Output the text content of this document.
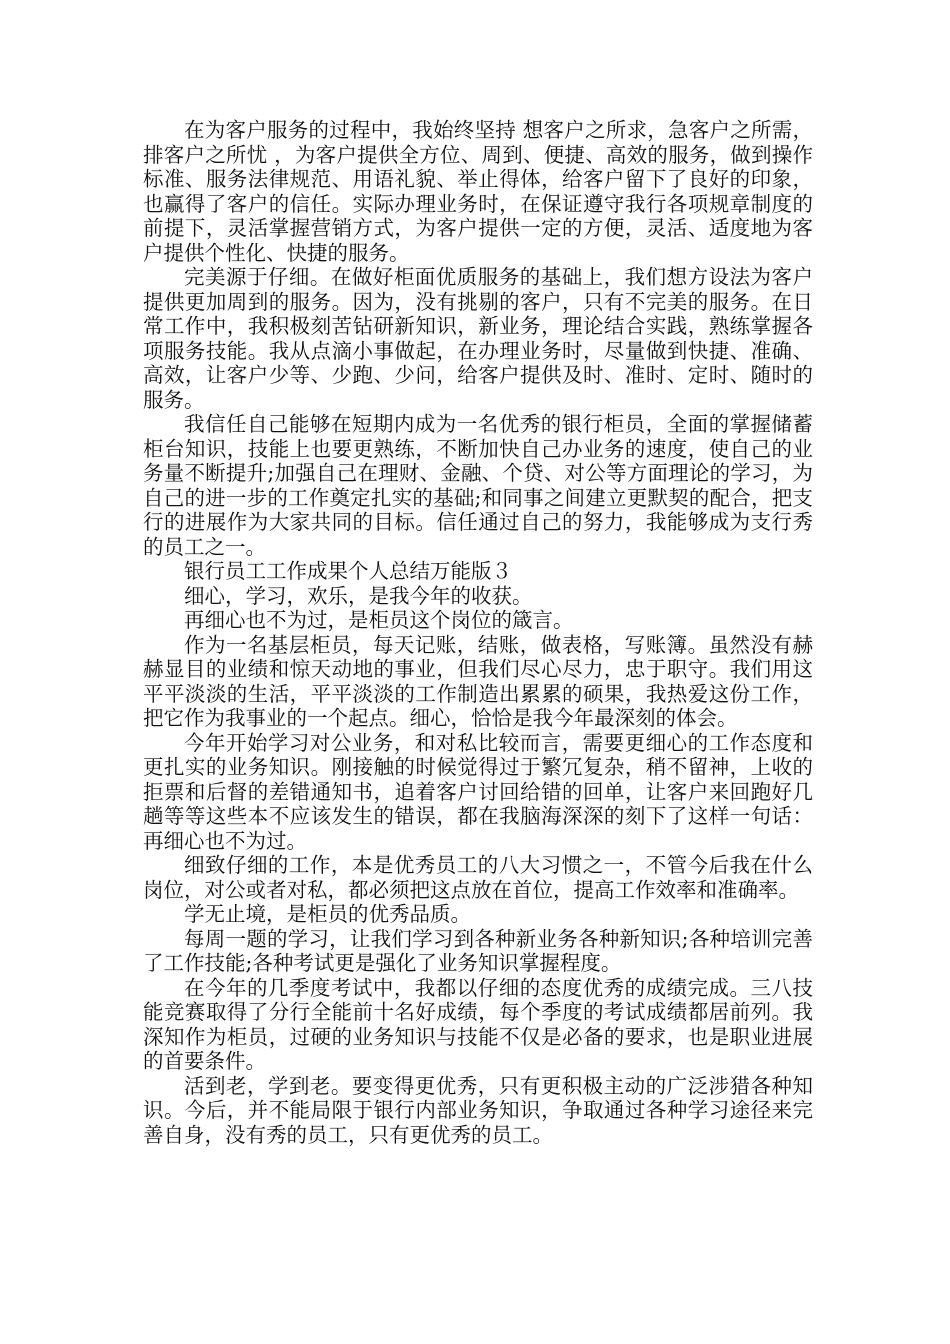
在为客户服务的过程中，我始终坚持 想客户之所求，急客户之所需，排客户之所忧 ，为客户提供全方位、周到、便捷、高效的服务，做到操作标准、服务法律规范、用语礼貌、举止得体，给客户留下了良好的印象，也赢得了客户的信任。实际办理业务时，在保证遵守我行各项规章制度的前提下，灵活掌握营销方式，为客户提供一定的方便，灵活、适度地为客户提供个性化、快捷的服务。

完美源于仔细。在做好柜面优质服务的基础上，我们想方设法为客户提供更加周到的服务。因为，没有挑剔的客户，只有不完美的服务。在日常工作中，我积极刻苦钻研新知识，新业务，理论结合实践，熟练掌握各项服务技能。我从点滴小事做起，在办理业务时，尽量做到快捷、准确、高效，让客户少等、少跑、少问，给客户提供及时、准时、定时、随时的服务。

我信任自己能够在短期内成为一名优秀的银行柜员，全面的掌握储蓄柜台知识，技能上也要更熟练，不断加快自己办业务的速度，使自己的业务量不断提升;加强自己在理财、金融、个贷、对公等方面理论的学习，为自己的进一步的工作奠定扎实的基础;和同事之间建立更默契的配合，把支行的进展作为大家共同的目标。信任通过自己的努力，我能够成为支行秀的员工之一。

银行员工工作成果个人总结万能版３

细心，学习，欢乐，是我今年的收获。

再细心也不为过，是柜员这个岗位的箴言。

作为一名基层柜员，每天记账，结账，做表格，写账簿。虽然没有赫赫显目的业绩和惊天动地的事业，但我们尽心尽力，忠于职守。我们用这平平淡淡的生活，平平淡淡的工作制造出累累的硕果，我热爱这份工作，把它作为我事业的一个起点。细心，恰恰是我今年最深刻的体会。

今年开始学习对公业务，和对私比较而言，需要更细心的工作态度和更扎实的业务知识。刚接触的时候觉得过于繁冗复杂，稍不留神，上收的拒票和后督的差错通知书，追着客户讨回给错的回单，让客户来回跑好几趟等等这些本不应该发生的错误，都在我脑海深深的刻下了这样一句话：再细心也不为过。

细致仔细的工作，本是优秀员工的八大习惯之一，不管今后我在什么岗位，对公或者对私，都必须把这点放在首位，提高工作效率和准确率。

学无止境，是柜员的优秀品质。

每周一题的学习，让我们学习到各种新业务各种新知识;各种培训完善了工作技能;各种考试更是强化了业务知识掌握程度。

在今年的几季度考试中，我都以仔细的态度优秀的成绩完成。三八技能竞赛取得了分行全能前十名好成绩，每个季度的考试成绩都居前列。我深知作为柜员，过硬的业务知识与技能不仅是必备的要求，也是职业进展的首要条件。

活到老，学到老。要变得更优秀，只有更积极主动的广泛涉猎各种知识。今后，并不能局限于银行内部业务知识，争取通过各种学习途径来完善自身，没有秀的员工，只有更优秀的员工。
